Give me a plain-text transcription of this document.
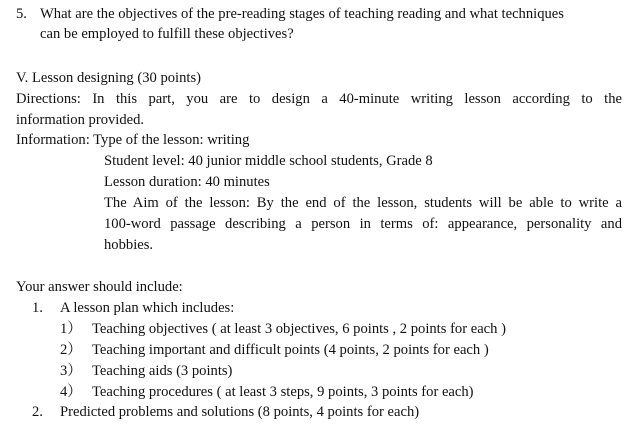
5. What are the objectives of the pre-reading stages of teaching reading and what techniques
can be employed to fulfill these objectives?
V. Lesson designing (30 points)
Directions: In this part, you are to design a 40-minute writing lesson according to the
information provided.
Information: Type of the lesson: writing
Student level: 40 junior middle school students, Grade 8
Lesson duration: 40 minutes
The Aim of the lesson: By the end of the lesson, students will be able to write a
100-word passage describing a person in terms of: appearance, personality and
hobbies.
Your answer should include:
1. A lesson plan which includes:
1） Teaching objectives ( at least 3 objectives, 6 points , 2 points for each )
2） Teaching important and difficult points (4 points, 2 points for each )
3） Teaching aids (3 points)
4） Teaching procedures ( at least 3 steps, 9 points, 3 points for each)
2. Predicted problems and solutions (8 points, 4 points for each)
